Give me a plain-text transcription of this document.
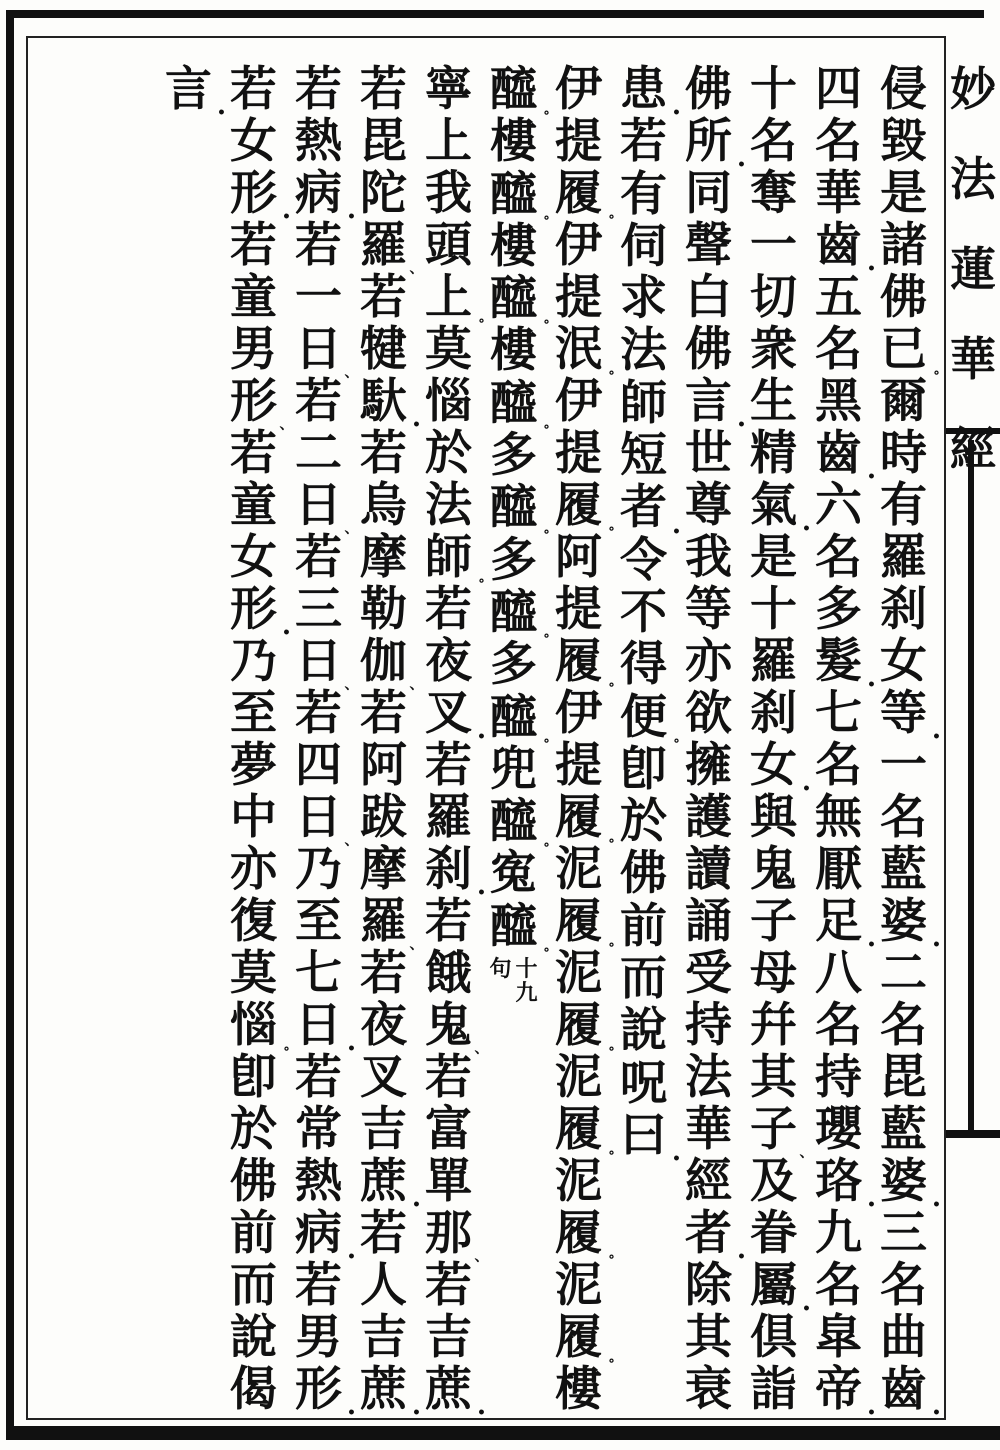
妙
法
蓮
華
經
侵
毀
是
諸
佛
已 ∘
爾
時
有
羅
刹
女
等 •
一
名
藍
婆 •
二
名
毘
藍
婆 •
三
名
曲
齒 •
四
名
華
齒 •
五
名
黑
齒 •
六
名
多
髮 •
七
名
無
厭
足 •
八
名
持
瓔
珞 •
九
名
皐
帝 •
十
名
奪
一
切
衆
生
精
氣 •
是
十
羅
刹
女 •
與
鬼
子
母
幷
其
子 、
及
眷
屬 •
倶
詣
佛
所 •
同
聲
白
佛
言 •
世
尊
我
等
亦
欲
擁
護
讀
誦
受
持
法
華
經
者 •
除
其
衰
患 •
若
有
伺
求
法
師
短
者 •
令
不
得
便 ∘
卽
於
佛
前
而
說
呪
曰 •
伊
提
履 ∘
伊
提
泯 ∘
伊
提
履 ∘
阿
提
履 ∘
伊
提
履 ∘
泥
履 ∘
泥
履 ∘
泥
履 ∘
泥
履 ∘
泥
履 ∘
樓
醯 ∘
樓
醯 ∘
樓
醯 ∘
樓
醯 ∘
多
醯 ∘
多
醯 ∘
多
醯 ∘
兜
醯 ∘
寃
醯 ∘
十九
句
寧
上
我
頭
上 ∘
莫
惱
於
法
師 ∘
若
夜
叉 •
若
羅
刹 •
若
餓
鬼 、
若
富
單
那 、
若
吉
蔗 •
若
毘
陀
羅 、
若
犍
馱 •
若
烏
摩
勒
伽 、
若
阿
跋
摩
羅 、
若
夜
叉
吉
蔗 •
若
人
吉
蔗 •
若
熱
病 •
若
一
日 、
若
二
日 、
若
三
日 、
若
四
日 、
乃
至
七
日 •
若
常
熱
病 •
若
男
形 •
若
女
形 •
若
童
男
形 、
若
童
女
形 •
乃
至
夢
中
亦
復
莫
惱 ∘
卽
於
佛
前
而
說
偈
言 •
